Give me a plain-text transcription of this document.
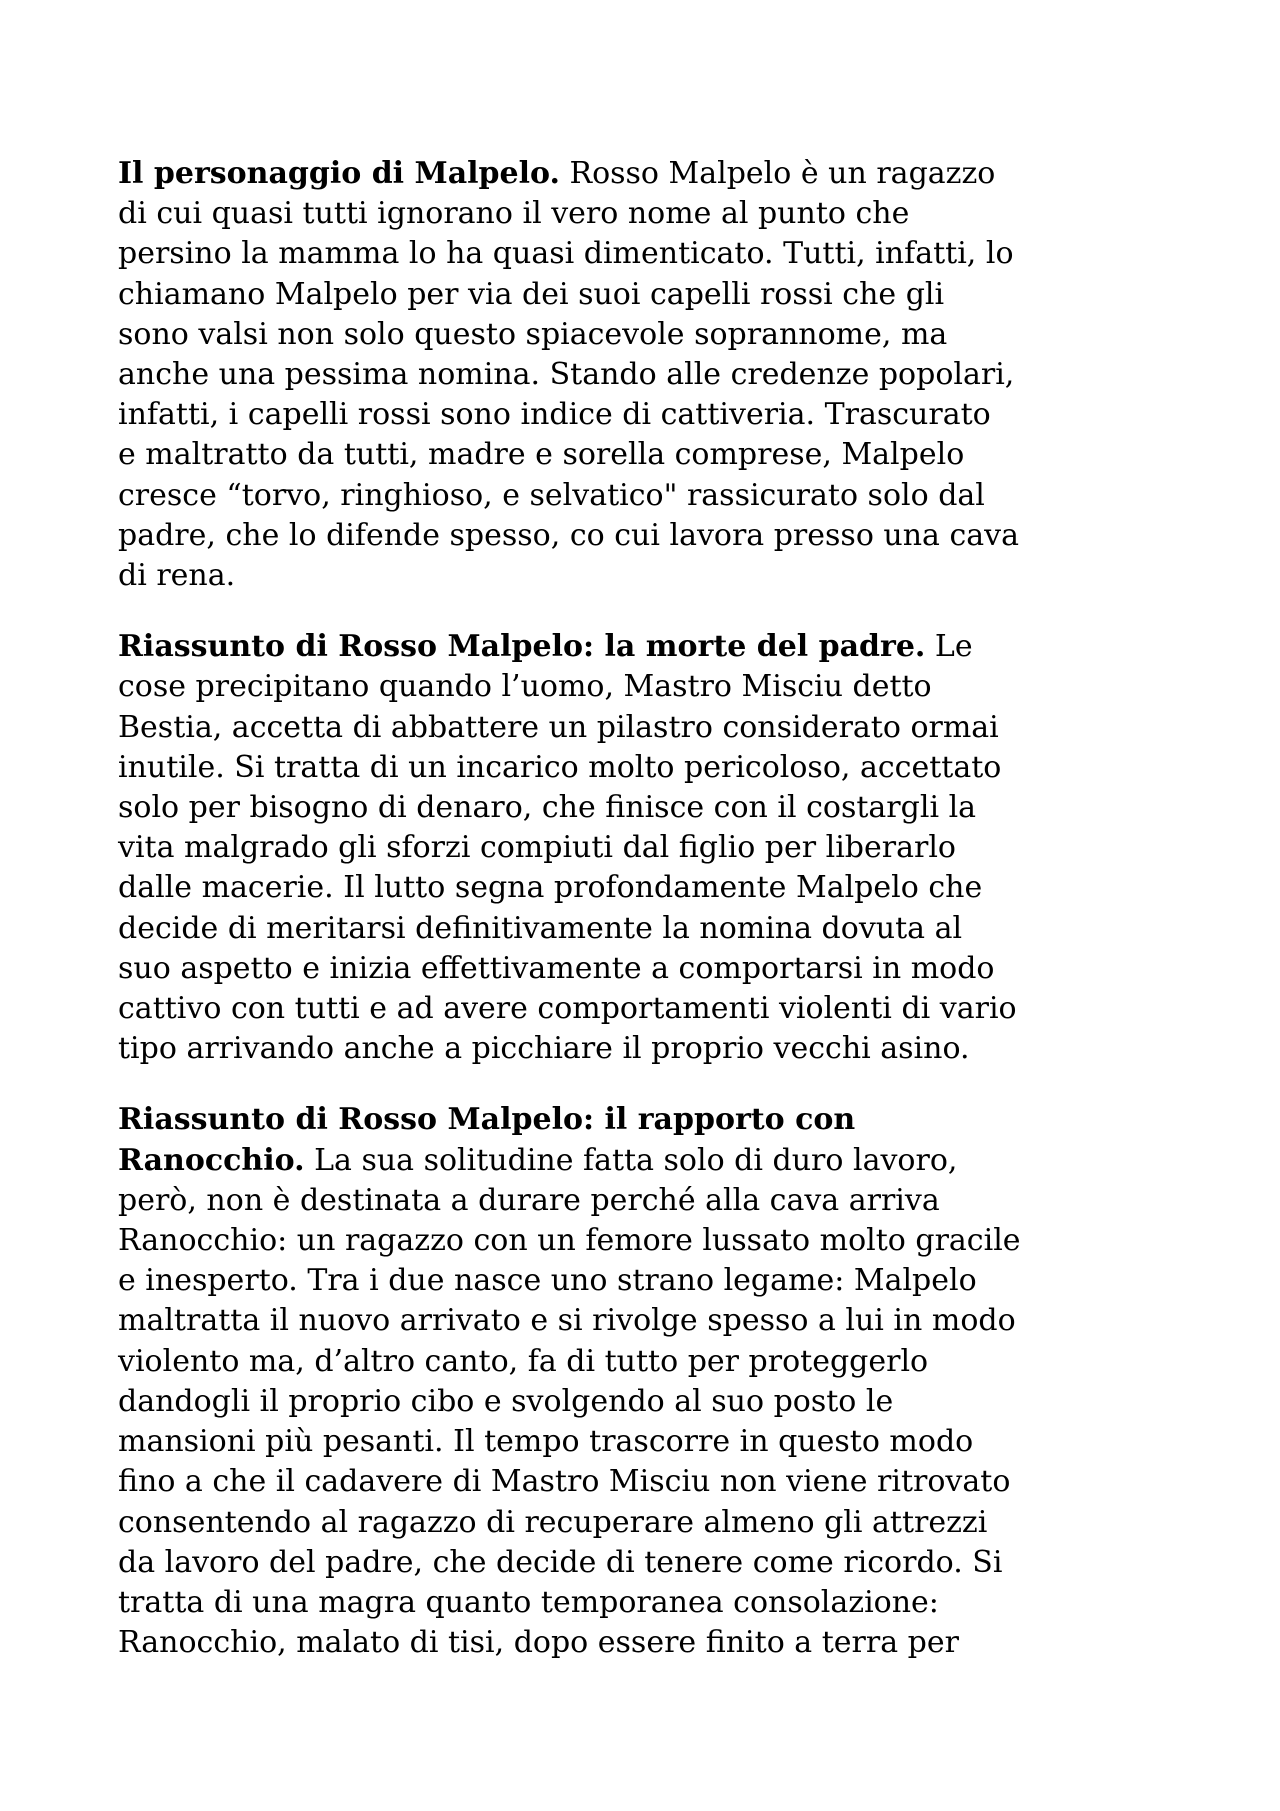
Il personaggio di Malpelo. Rosso Malpelo è un ragazzo
di cui quasi tutti ignorano il vero nome al punto che
persino la mamma lo ha quasi dimenticato. Tutti, infatti, lo
chiamano Malpelo per via dei suoi capelli rossi che gli
sono valsi non solo questo spiacevole soprannome, ma
anche una pessima nomina. Stando alle credenze popolari,
infatti, i capelli rossi sono indice di cattiveria. Trascurato
e maltratto da tutti, madre e sorella comprese, Malpelo
cresce “torvo, ringhioso, e selvatico" rassicurato solo dal
padre, che lo difende spesso, co cui lavora presso una cava
di rena.
Riassunto di Rosso Malpelo: la morte del padre. Le
cose precipitano quando l’uomo, Mastro Misciu detto
Bestia, accetta di abbattere un pilastro considerato ormai
inutile. Si tratta di un incarico molto pericoloso, accettato
solo per bisogno di denaro, che finisce con il costargli la
vita malgrado gli sforzi compiuti dal figlio per liberarlo
dalle macerie. Il lutto segna profondamente Malpelo che
decide di meritarsi definitivamente la nomina dovuta al
suo aspetto e inizia effettivamente a comportarsi in modo
cattivo con tutti e ad avere comportamenti violenti di vario
tipo arrivando anche a picchiare il proprio vecchi asino.
Riassunto di Rosso Malpelo: il rapporto con
Ranocchio. La sua solitudine fatta solo di duro lavoro,
però, non è destinata a durare perché alla cava arriva
Ranocchio: un ragazzo con un femore lussato molto gracile
e inesperto. Tra i due nasce uno strano legame: Malpelo
maltratta il nuovo arrivato e si rivolge spesso a lui in modo
violento ma, d’altro canto, fa di tutto per proteggerlo
dandogli il proprio cibo e svolgendo al suo posto le
mansioni più pesanti. Il tempo trascorre in questo modo
fino a che il cadavere di Mastro Misciu non viene ritrovato
consentendo al ragazzo di recuperare almeno gli attrezzi
da lavoro del padre, che decide di tenere come ricordo. Si
tratta di una magra quanto temporanea consolazione:
Ranocchio, malato di tisi, dopo essere finito a terra per
